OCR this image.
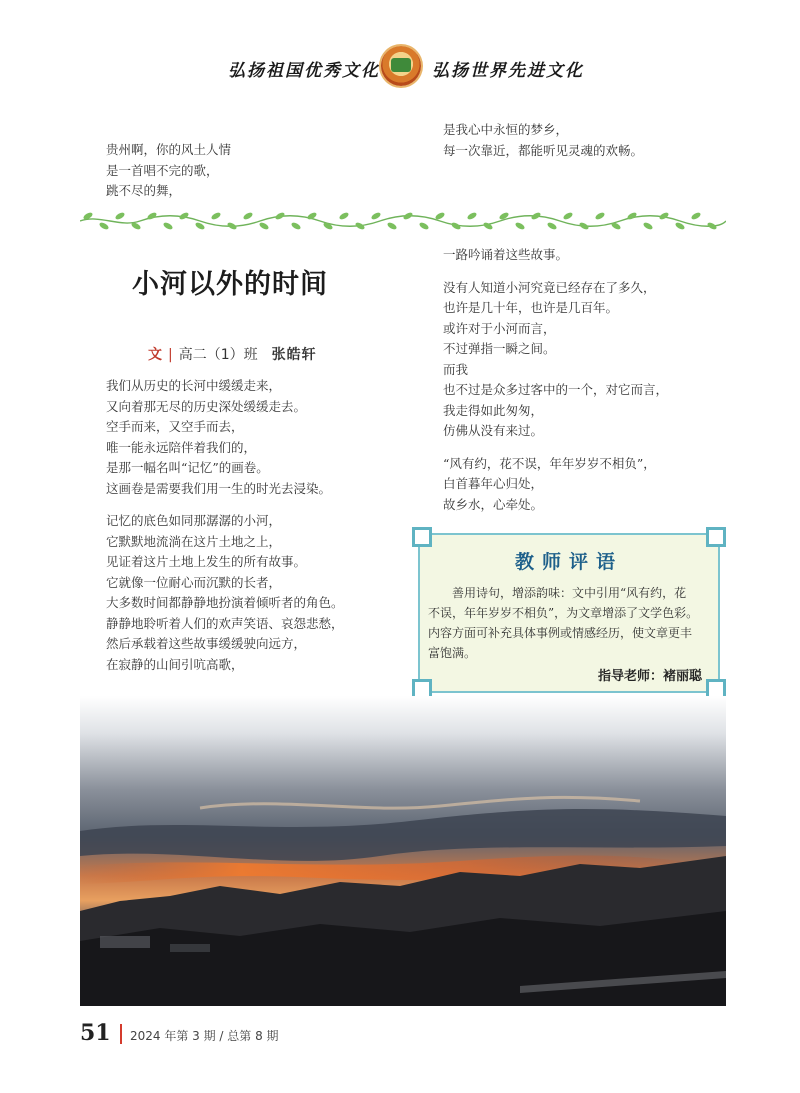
弘扬祖国优秀文化	弘扬世界先进文化
贵州啊，你的风土人情
是一首唱不完的歌，
跳不尽的舞，
是我心中永恒的梦乡，
每一次靠近，都能听见灵魂的欢畅。
小河以外的时间
文 | 高二（1）班 张皓轩
我们从历史的长河中缓缓走来，
又向着那无尽的历史深处缓缓走去。
空手而来，又空手而去，
唯一能永远陪伴着我们的，
是那一幅名叫“记忆”的画卷。
这画卷是需要我们用一生的时光去浸染。
记忆的底色如同那潺潺的小河，
它默默地流淌在这片土地之上，
见证着这片土地上发生的所有故事。
它就像一位耐心而沉默的长者，
大多数时间都静静地扮演着倾听者的角色。
静静地聆听着人们的欢声笑语、哀怨悲愁，
然后承载着这些故事缓缓驶向远方，
在寂静的山间引吭高歌，
一路吟诵着这些故事。
没有人知道小河究竟已经存在了多久，
也许是几十年，也许是几百年。
或许对于小河而言，
不过弹指一瞬之间。
而我
也不过是众多过客中的一个，对它而言，
我走得如此匆匆，
仿佛从没有来过。
“风有约，花不误，年年岁岁不相负”，
白首暮年心归处，
故乡水，心牵处。
教师评语
善用诗句，增添韵味：文中引用“风有约，花
不误，年年岁岁不相负”，为文章增添了文学色彩。
内容方面可补充具体事例或情感经历，使文章更丰
富饱满。
指导老师：褚丽聪
51 2024 年第 3 期 / 总第 8 期
